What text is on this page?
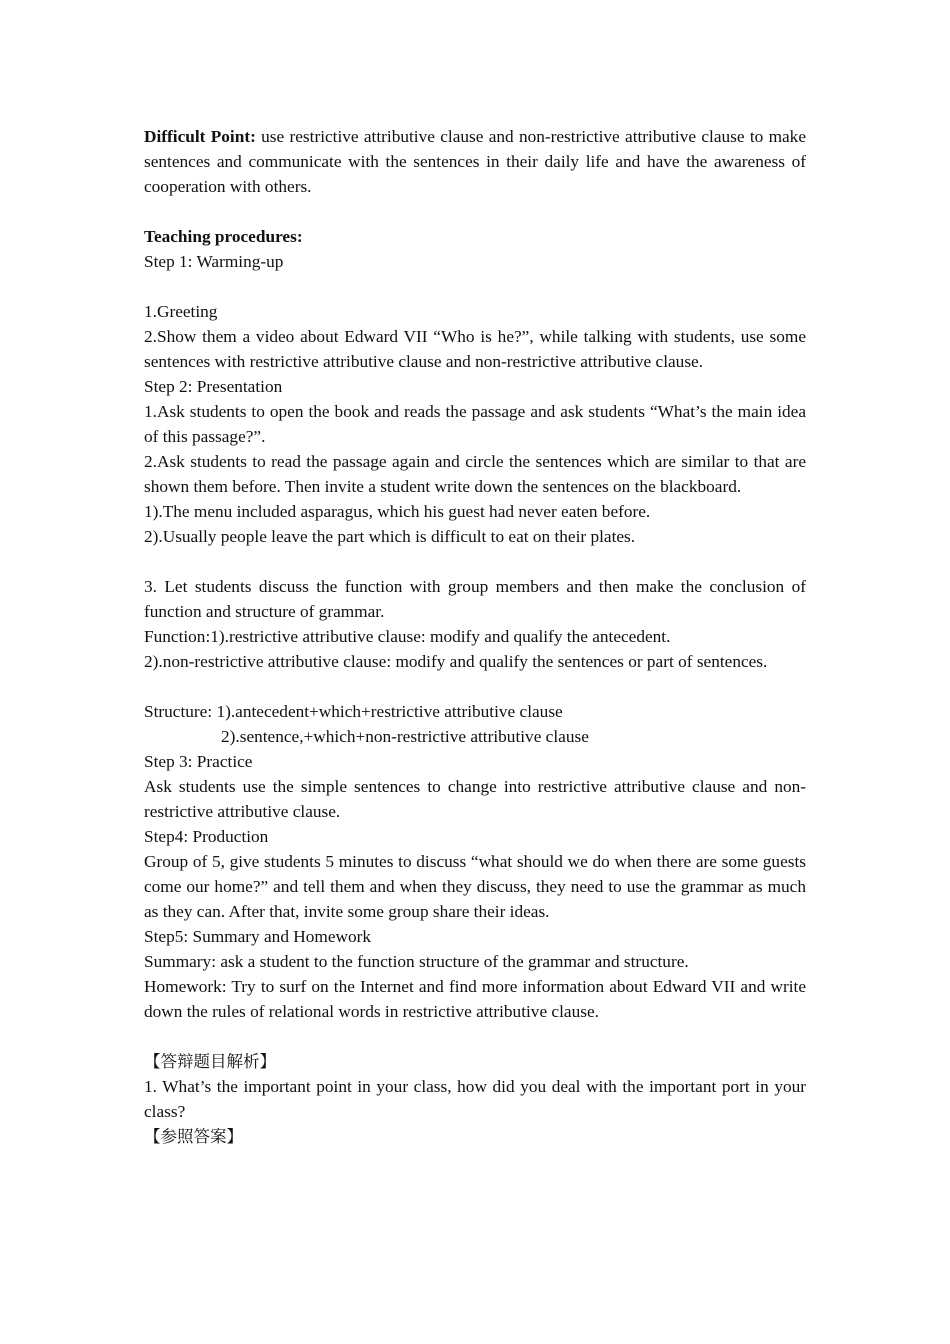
Difficult Point: use restrictive attributive clause and non-restrictive attributive clause to make sentences and communicate with the sentences in their daily life and have the awareness of cooperation with others.

Teaching procedures:

Step 1: Warming-up

1.Greeting

2.Show them a video about Edward VII “Who is he?”, while talking with students, use some sentences with restrictive attributive clause and non-restrictive attributive clause.

Step 2: Presentation

1.Ask students to open the book and reads the passage and ask students “What’s the main idea of this passage?”.

2.Ask students to read the passage again and circle the sentences which are similar to that are shown them before. Then invite a student write down the sentences on the blackboard.

1).The menu included asparagus, which his guest had never eaten before.

2).Usually people leave the part which is difficult to eat on their plates.

3. Let students discuss the function with group members and then make the conclusion of function and structure of grammar.

Function:1).restrictive attributive clause: modify and qualify the antecedent.

2).non-restrictive attributive clause: modify and qualify the sentences or part of sentences.

Structure: 1).antecedent+which+restrictive attributive clause

2).sentence,+which+non-restrictive attributive clause

Step 3: Practice

Ask students use the simple sentences to change into restrictive attributive clause and non-restrictive attributive clause.

Step4: Production

Group of 5, give students 5 minutes to discuss “what should we do when there are some guests come our home?” and tell them and when they discuss, they need to use the grammar as much as they can. After that, invite some group share their ideas.

Step5: Summary and Homework

Summary: ask a student to the function structure of the grammar and structure.

Homework: Try to surf on the Internet and find more information about Edward VII and write down the rules of relational words in restrictive attributive clause.

【答辩题目解析】

1. What’s the important point in your class, how did you deal with the important port in your class?

【参照答案】
